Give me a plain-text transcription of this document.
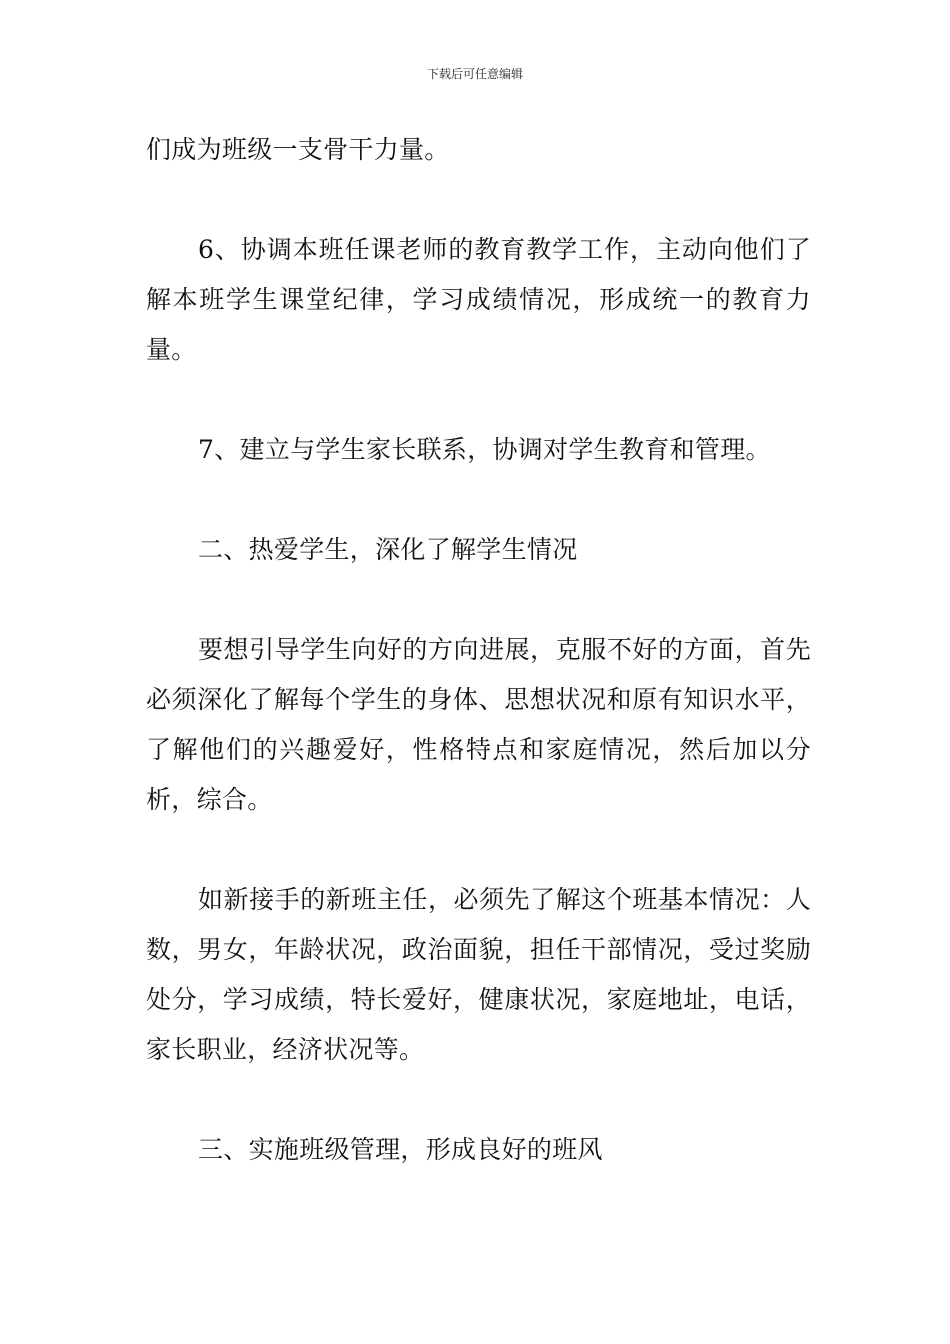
下载后可任意编辑

们成为班级一支骨干力量。

6、协调本班任课老师的教育教学工作，主动向他们了解本班学生课堂纪律，学习成绩情况，形成统一的教育力量。

7、建立与学生家长联系，协调对学生教育和管理。

二、热爱学生，深化了解学生情况

要想引导学生向好的方向进展，克服不好的方面，首先必须深化了解每个学生的身体、思想状况和原有知识水平，了解他们的兴趣爱好，性格特点和家庭情况，然后加以分析，综合。

如新接手的新班主任，必须先了解这个班基本情况：人数，男女，年龄状况，政治面貌，担任干部情况，受过奖励处分，学习成绩，特长爱好，健康状况，家庭地址，电话，家长职业，经济状况等。

三、实施班级管理，形成良好的班风
